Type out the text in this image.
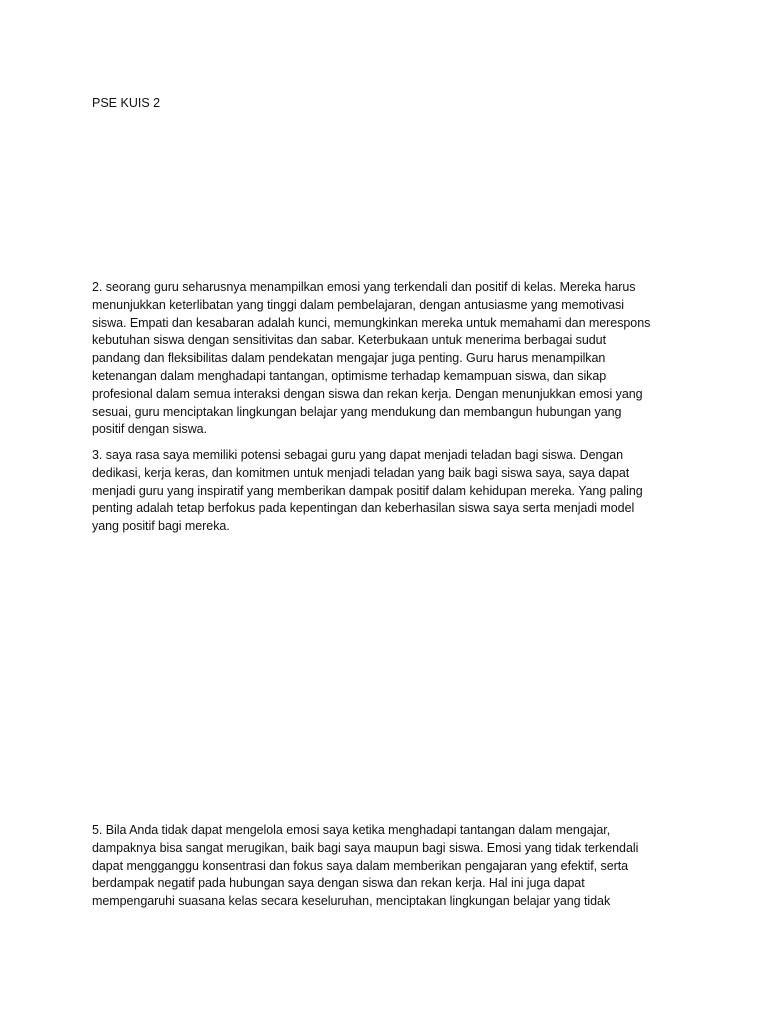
PSE KUIS 2

2. seorang guru seharusnya menampilkan emosi yang terkendali dan positif di kelas. Mereka harus
menunjukkan keterlibatan yang tinggi dalam pembelajaran, dengan antusiasme yang memotivasi
siswa. Empati dan kesabaran adalah kunci, memungkinkan mereka untuk memahami dan merespons
kebutuhan siswa dengan sensitivitas dan sabar. Keterbukaan untuk menerima berbagai sudut
pandang dan fleksibilitas dalam pendekatan mengajar juga penting. Guru harus menampilkan
ketenangan dalam menghadapi tantangan, optimisme terhadap kemampuan siswa, dan sikap
profesional dalam semua interaksi dengan siswa dan rekan kerja. Dengan menunjukkan emosi yang
sesuai, guru menciptakan lingkungan belajar yang mendukung dan membangun hubungan yang
positif dengan siswa.

3. saya rasa saya memiliki potensi sebagai guru yang dapat menjadi teladan bagi siswa. Dengan
dedikasi, kerja keras, dan komitmen untuk menjadi teladan yang baik bagi siswa saya, saya dapat
menjadi guru yang inspiratif yang memberikan dampak positif dalam kehidupan mereka. Yang paling
penting adalah tetap berfokus pada kepentingan dan keberhasilan siswa saya serta menjadi model
yang positif bagi mereka.

5. Bila Anda tidak dapat mengelola emosi saya ketika menghadapi tantangan dalam mengajar,
dampaknya bisa sangat merugikan, baik bagi saya maupun bagi siswa. Emosi yang tidak terkendali
dapat mengganggu konsentrasi dan fokus saya dalam memberikan pengajaran yang efektif, serta
berdampak negatif pada hubungan saya dengan siswa dan rekan kerja. Hal ini juga dapat
mempengaruhi suasana kelas secara keseluruhan, menciptakan lingkungan belajar yang tidak
